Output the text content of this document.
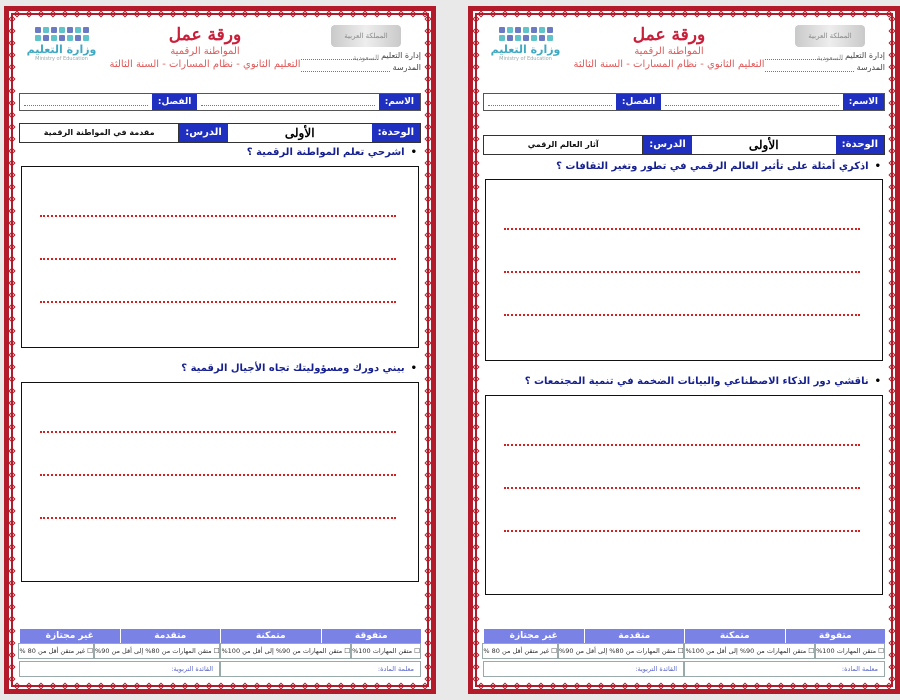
المملكة العربية السعودية إدارة التعليم
المدرسة
ورقة عمل
المواطنة الرقمية
التعليم الثانوي - نظام المسارات - السنة الثالثة
وزارة التعليم
Ministry of Education
الاسم:
الفصل:
الوحدة:
الأولى
الدرس:
مقدمة في المواطنة الرقمية
•اشرحي تعلم المواطنة الرقمية ؟
•بيني دورك ومسؤوليتك تجاه الأجيال الرقمية ؟
متفوقة
متمكنة
متقدمة
غير مجتازة
☐ متقن المهارات 100%
☐ متقن المهارات من 90% إلى أقل من 100%
☐ متقن المهارات من 80% إلى أقل من 90%
☐ غير متقن أقل من 80 %
معلمة المادة:
القائدة التربوية:
المملكة العربية السعودية إدارة التعليم
المدرسة
ورقة عمل
المواطنة الرقمية
التعليم الثانوي - نظام المسارات - السنة الثالثة
وزارة التعليم
Ministry of Education
الاسم:
الفصل:
الوحدة:
الأولى
الدرس:
آثار العالم الرقمي
•اذكري أمثلة على تأثير العالم الرقمي في تطور وتغير الثقافات ؟
•ناقشي دور الذكاء الاصطناعي والبيانات الضخمة في تنمية المجتمعات ؟
متفوقة
متمكنة
متقدمة
غير مجتازة
☐ متقن المهارات 100%
☐ متقن المهارات من 90% إلى أقل من 100%
☐ متقن المهارات من 80% إلى أقل من 90%
☐ غير متقن أقل من 80 %
معلمة المادة:
القائدة التربوية:
